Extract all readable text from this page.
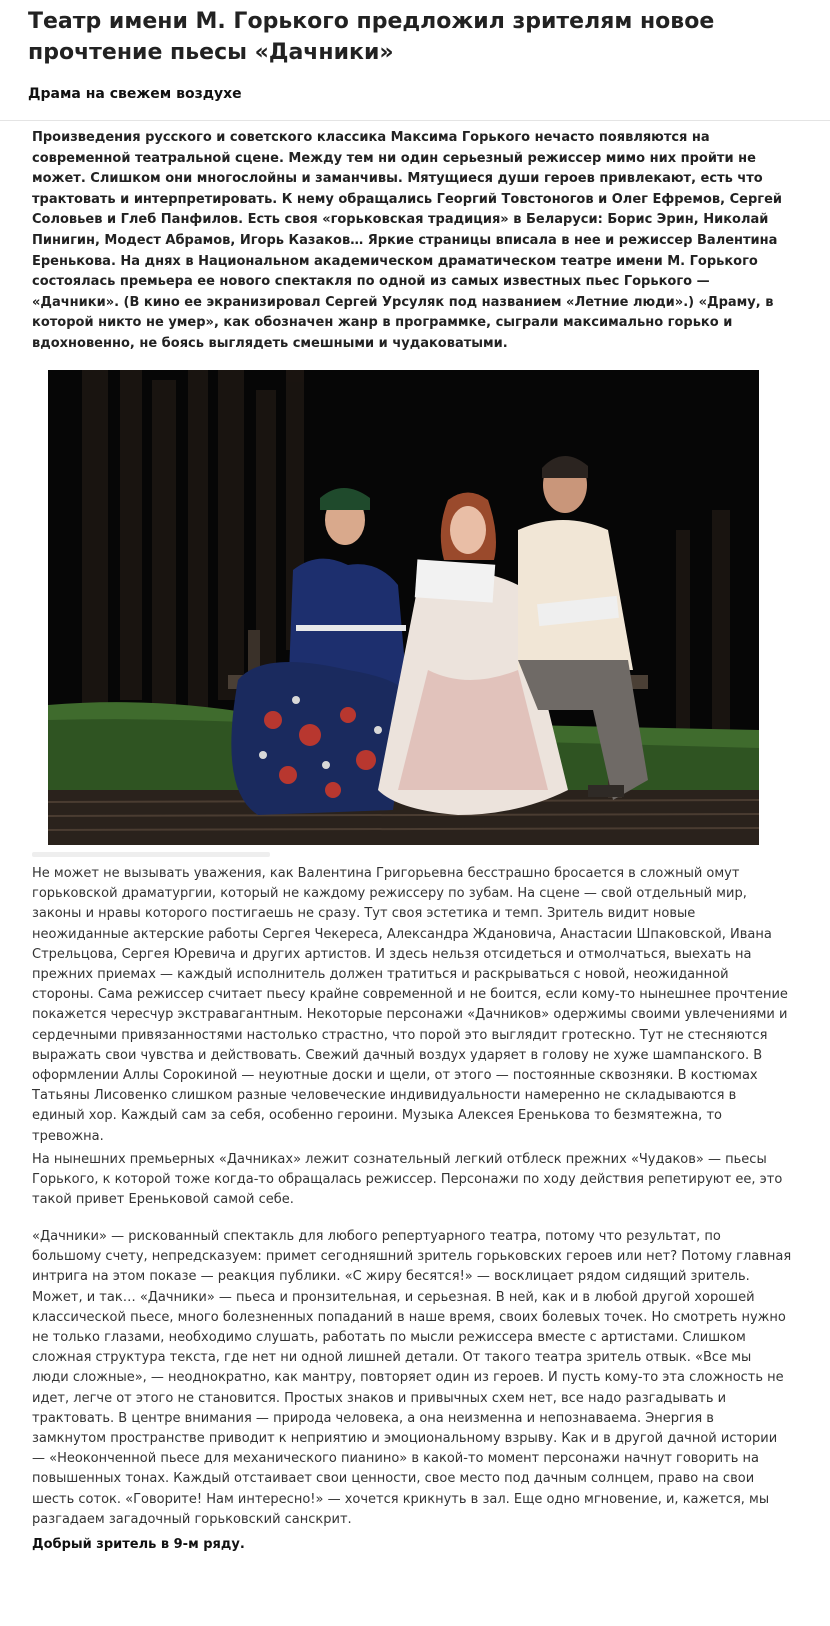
Театр имени М. Горького предложил зрителям новое прочтение пьесы «Дачники»

Драма на свежем воздухе

Произведения русского и советского классика Максима Горького нечасто появляются на современной театральной сцене. Между тем ни один серьезный режиссер мимо них пройти не может. Слишком они многослойны и заманчивы. Мятущиеся души героев привлекают, есть что трактовать и интерпретировать. К нему обращались Георгий Товстоногов и Олег Ефремов, Сергей Соловьев и Глеб Панфилов. Есть своя «горьковская традиция» в Беларуси: Борис Эрин, Николай Пинигин, Модест Абрамов, Игорь Казаков… Яркие страницы вписала в нее и режиссер Валентина Еренькова. На днях в Национальном академическом драматическом театре имени М. Горького состоялась премьера ее нового спектакля по одной из самых известных пьес Горького — «Дачники». (В кино ее экранизировал Сергей Урсуляк под названием «Летние люди».) «Драму, в которой никто не умер», как обозначен жанр в программке, сыграли максимально горько и вдохновенно, не боясь выглядеть смешными и чудаковатыми.

Не может не вызывать уважения, как Валентина Григорьевна бесстрашно бросается в сложный омут горьковской драматургии, который не каждому режиссеру по зубам. На сцене — свой отдельный мир, законы и нравы которого постигаешь не сразу. Тут своя эстетика и темп. Зритель видит новые неожиданные актерские работы Сергея Чекереса, Александра Ждановича, Анастасии Шпаковской, Ивана Стрельцова, Сергея Юревича и других артистов. И здесь нельзя отсидеться и отмолчаться, выехать на прежних приемах — каждый исполнитель должен тратиться и раскрываться с новой, неожиданной стороны. Сама режиссер считает пьесу крайне современной и не боится, если кому-то нынешнее прочтение покажется чересчур экстравагантным. Некоторые персонажи «Дачников» одержимы своими увлечениями и сердечными привязанностями настолько страстно, что порой это выглядит гротескно. Тут не стесняются выражать свои чувства и действовать. Свежий дачный воздух ударяет в голову не хуже шампанского. В оформлении Аллы Сорокиной — неуютные доски и щели, от этого — постоянные сквозняки. В костюмах Татьяны Лисовенко слишком разные человеческие индивидуальности намеренно не складываются в единый хор. Каждый сам за себя, особенно героини. Музыка Алексея Еренькова то безмятежна, то тревожна.

На нынешних премьерных «Дачниках» лежит сознательный легкий отблеск прежних «Чудаков» — пьесы Горького, к которой тоже когда-то обращалась режиссер. Персонажи по ходу действия репетируют ее, это такой привет Ереньковой самой себе.

«Дачники» — рискованный спектакль для любого репертуарного театра, потому что результат, по большому счету, непредсказуем: примет сегодняшний зритель горьковских героев или нет? Потому главная интрига на этом показе — реакция публики. «С жиру бесятся!» — восклицает рядом сидящий зритель. Может, и так… «Дачники» — пьеса и пронзительная, и серьезная. В ней, как и в любой другой хорошей классической пьесе, много болезненных попаданий в наше время, своих болевых точек. Но смотреть нужно не только глазами, необходимо слушать, работать по мысли режиссера вместе с артистами. Слишком сложная структура текста, где нет ни одной лишней детали. От такого театра зритель отвык. «Все мы люди сложные», — неоднократно, как мантру, повторяет один из героев. И пусть кому-то эта сложность не идет, легче от этого не становится. Простых знаков и привычных схем нет, все надо разгадывать и трактовать. В центре внимания — природа человека, а она неизменна и непознаваема. Энергия в замкнутом пространстве приводит к неприятию и эмоциональному взрыву. Как и в другой дачной истории — «Неоконченной пьесе для механического пианино» в какой-то момент персонажи начнут говорить на повышенных тонах. Каждый отстаивает свои ценности, свое место под дачным солнцем, право на свои шесть соток. «Говорите! Нам интересно!» — хочется крикнуть в зал. Еще одно мгновение, и, кажется, мы разгадаем загадочный горьковский санскрит.

Добрый зритель в 9-м ряду.
